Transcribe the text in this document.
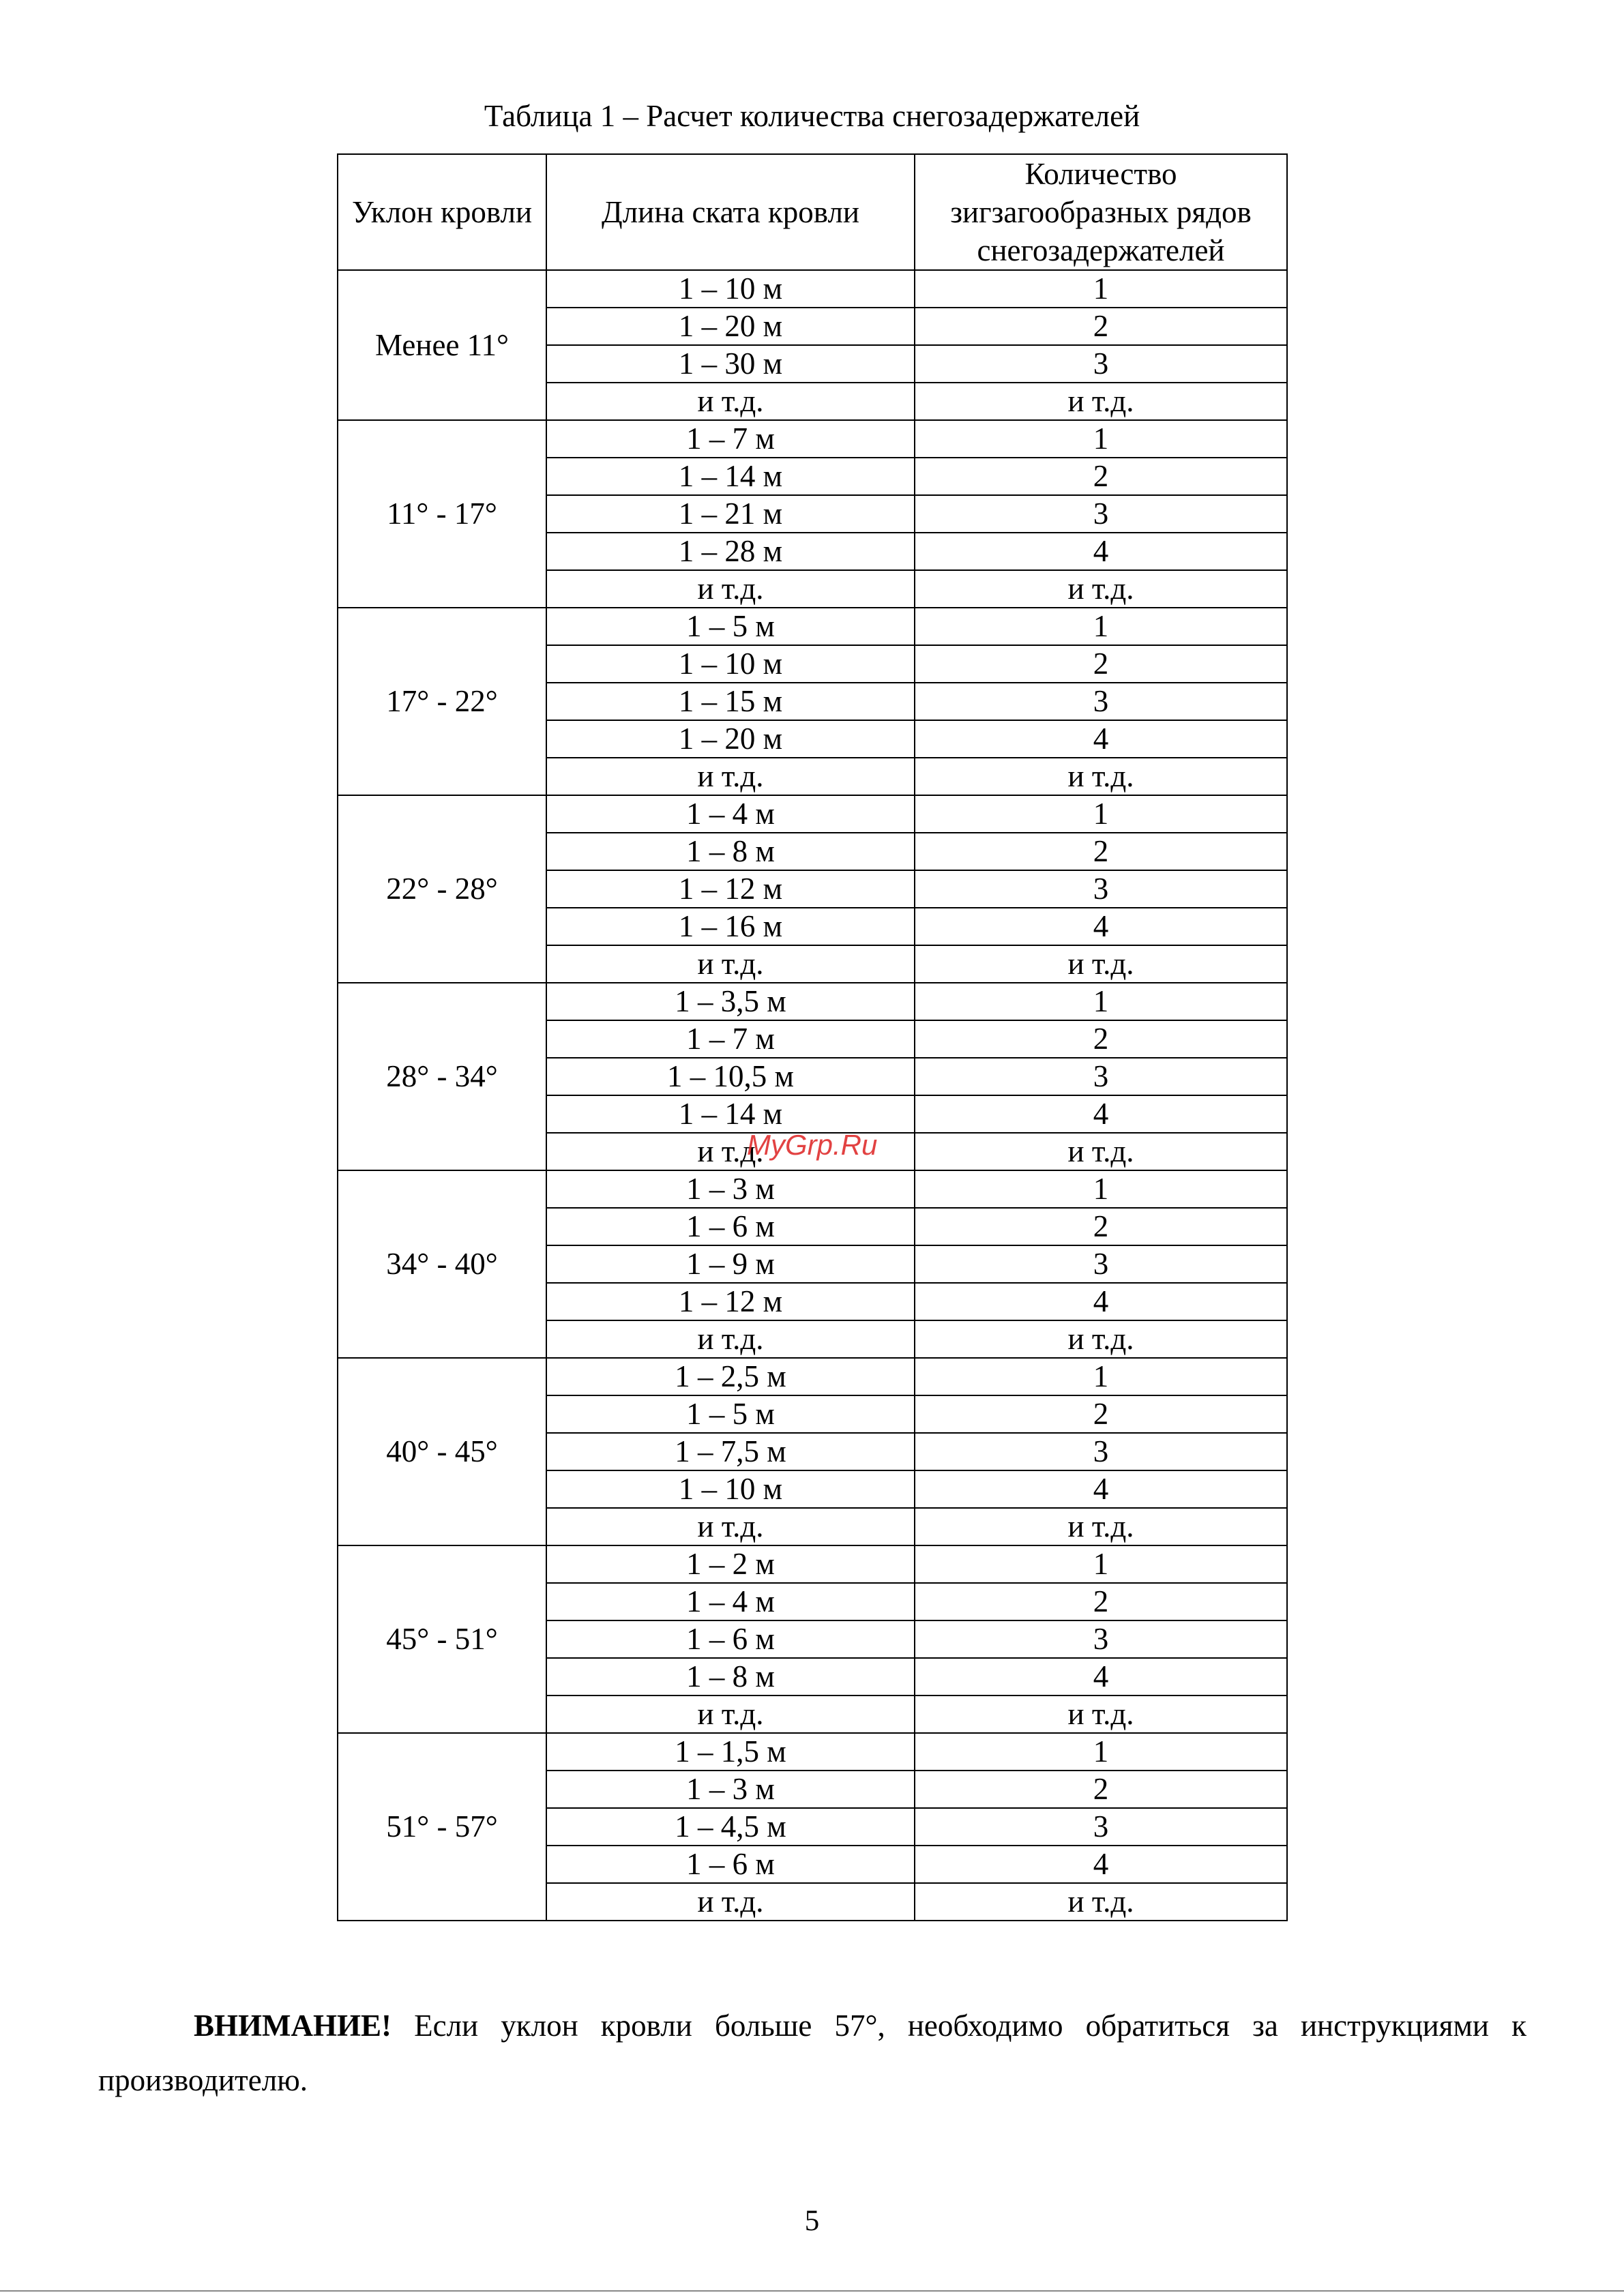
Таблица 1 – Расчет количества снегозадержателей
Уклон кровли	Длина ската кровли	Количество зигзагообразных рядов снегозадержателей
Менее 11°	1 – 10 м	1
	1 – 20 м	2
	1 – 30 м	3
	и т.д.	и т.д.
11° - 17°	1 – 7 м	1
	1 – 14 м	2
	1 – 21 м	3
	1 – 28 м	4
	и т.д.	и т.д.
17° - 22°	1 – 5 м	1
	1 – 10 м	2
	1 – 15 м	3
	1 – 20 м	4
	и т.д.	и т.д.
22° - 28°	1 – 4 м	1
	1 – 8 м	2
	1 – 12 м	3
	1 – 16 м	4
	и т.д.	и т.д.
28° - 34°	1 – 3,5 м	1
	1 – 7 м	2
	1 – 10,5 м	3
	1 – 14 м	4
	и т.д.	и т.д.
34° - 40°	1 – 3 м	1
	1 – 6 м	2
	1 – 9 м	3
	1 – 12 м	4
	и т.д.	и т.д.
40° - 45°	1 – 2,5 м	1
	1 – 5 м	2
	1 – 7,5 м	3
	1 – 10 м	4
	и т.д.	и т.д.
45° - 51°	1 – 2 м	1
	1 – 4 м	2
	1 – 6 м	3
	1 – 8 м	4
	и т.д.	и т.д.
51° - 57°	1 – 1,5 м	1
	1 – 3 м	2
	1 – 4,5 м	3
	1 – 6 м	4
	и т.д.	и т.д.
MyGrp.Ru
ВНИМАНИЕ! Если уклон кровли больше 57°, необходимо обратиться за инструкциями к производителю.
5
